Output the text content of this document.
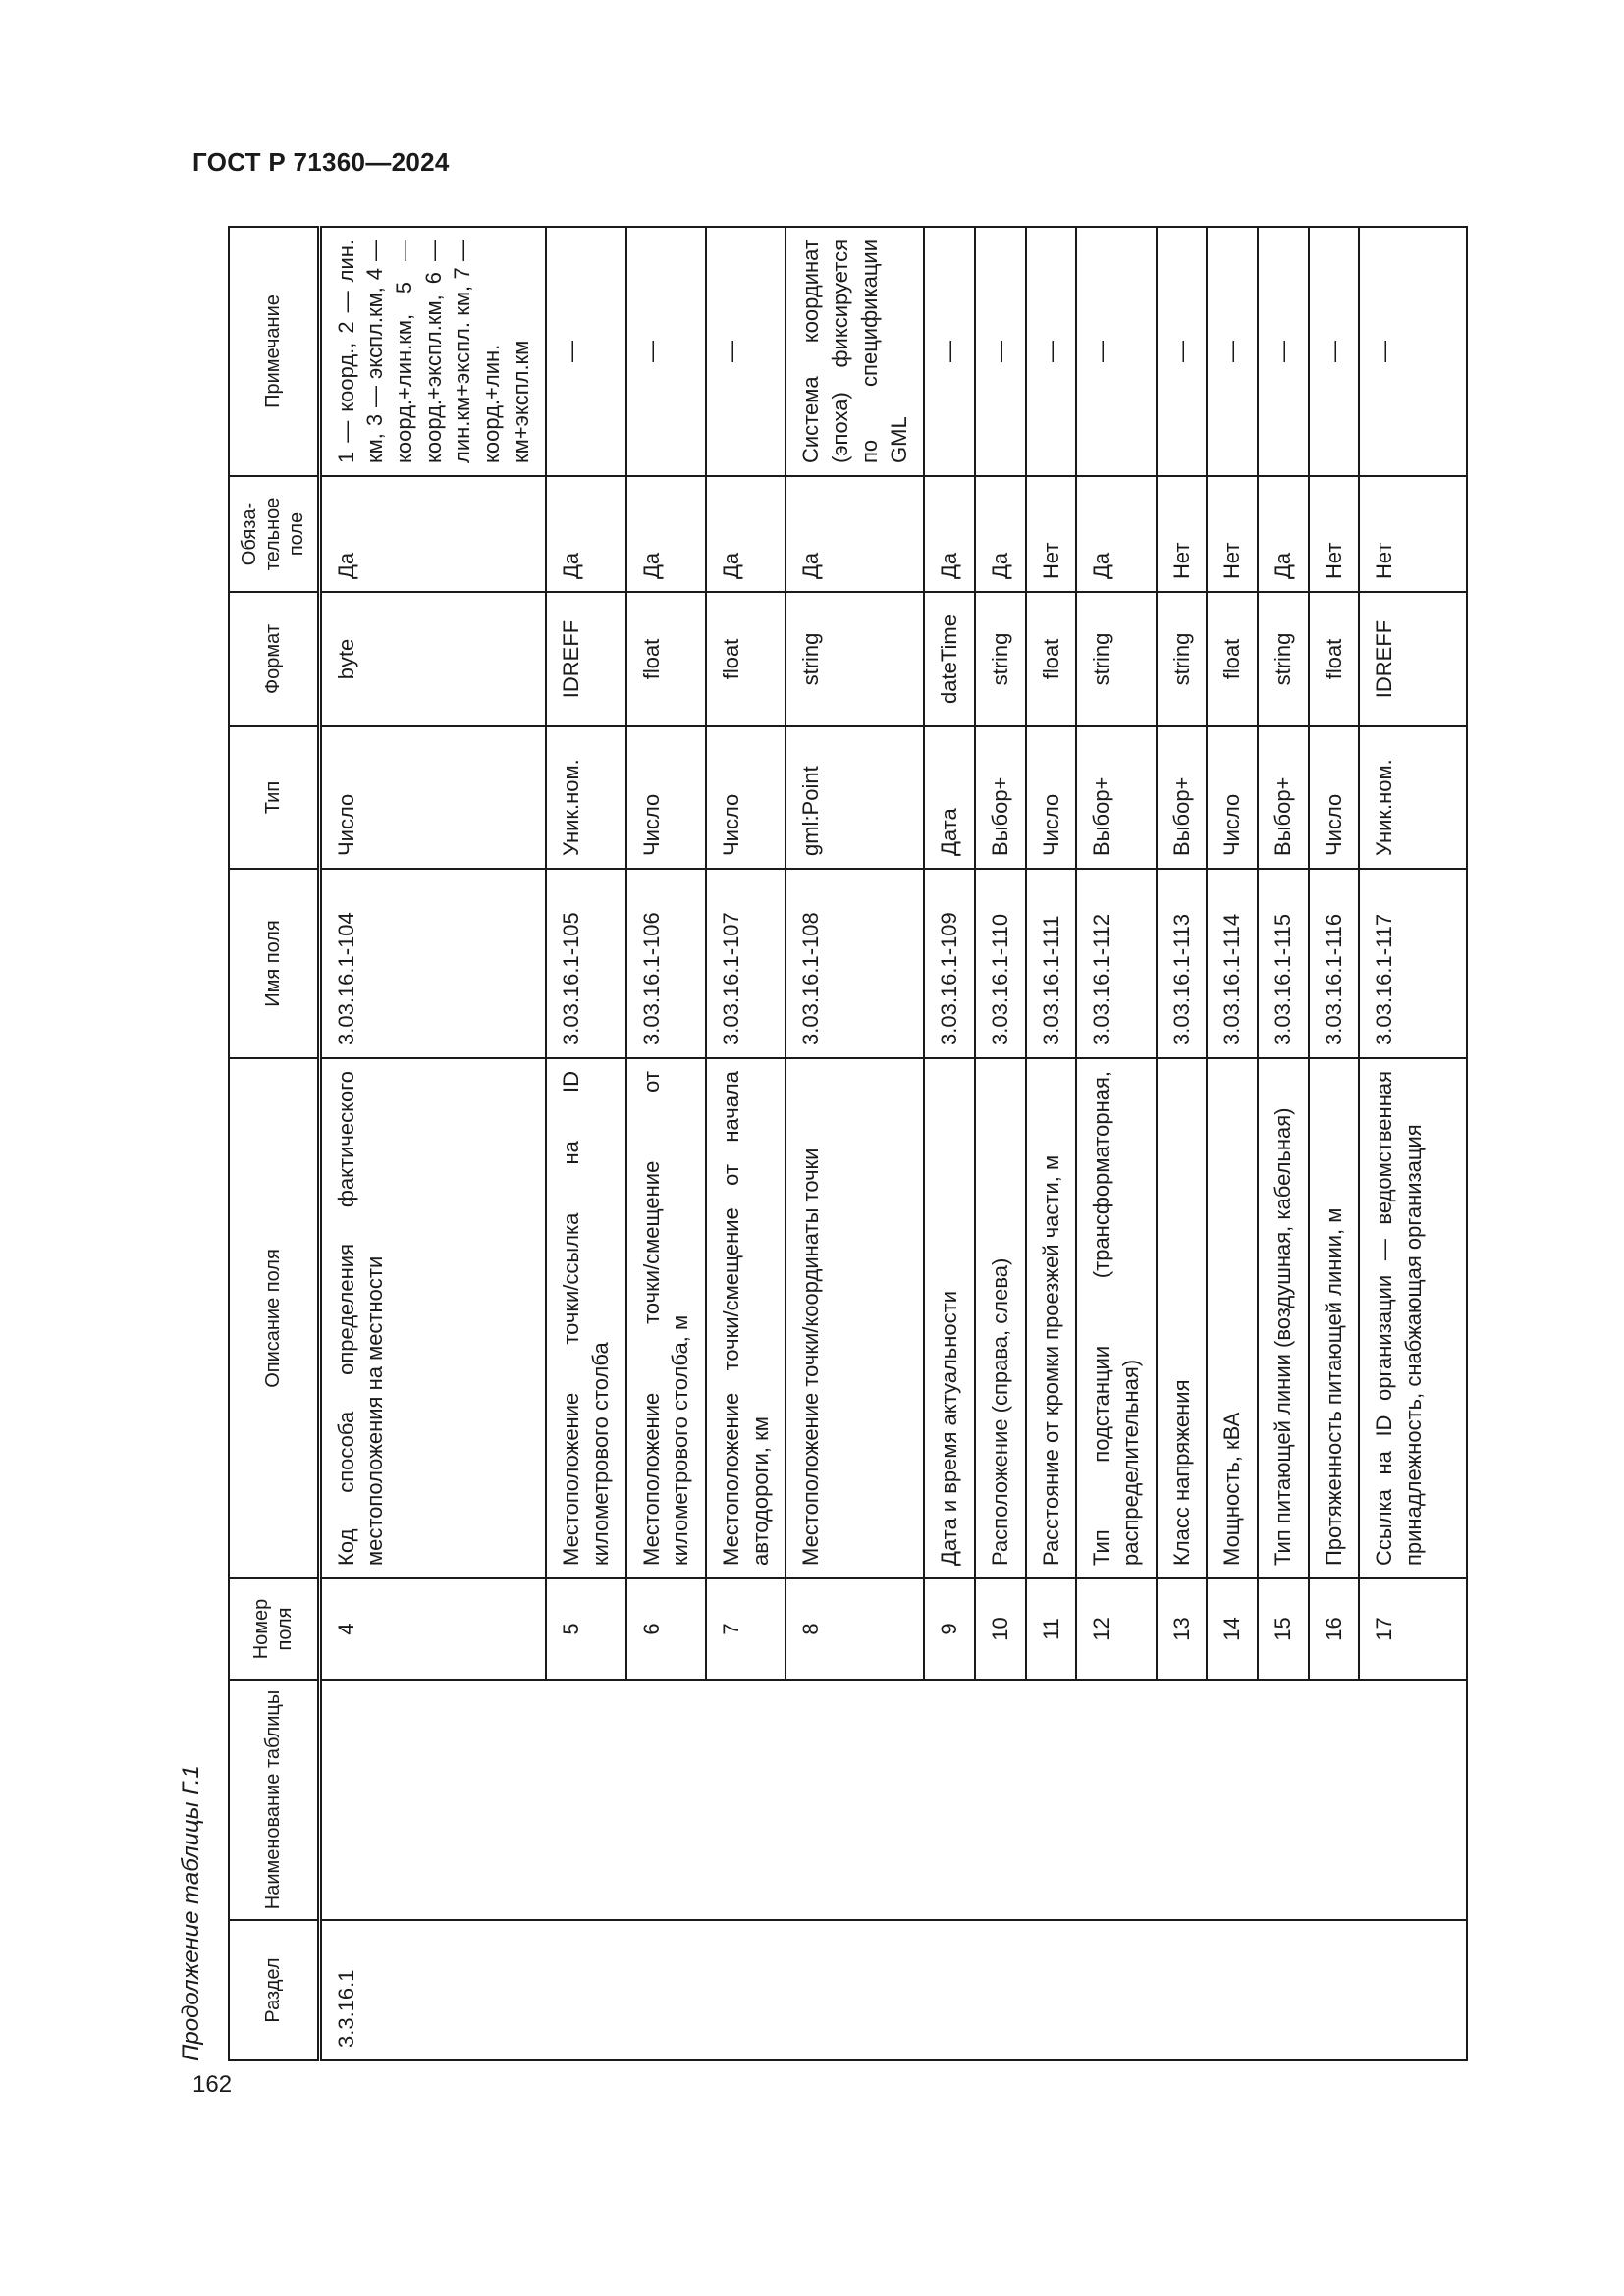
ГОСТ Р 71360—2024
162
Продолжение таблицы Г.1	Раздел	Наименование таблицы	Номер поля	Описание поля	Имя поля	Тип	Формат	Обяза-тельное поле	Примечание
3.3.16.1		4	Код способа определения фактического местоположения на местности	3.03.16.1-104	Число	byte	Да	1 — коорд., 2 — лин. км, 3 — экспл.км, 4 — коорд.+лин.км, 5 — коорд.+экспл.км, 6 — лин.км+экспл. км, 7 — коорд.+лин. км+экспл.км
		5	Местоположение точки/ссылка на ID километрового столба	3.03.16.1-105	Уник.ном.	IDREFF	Да	—
		6	Местоположение точки/смещение от километрового столба, м	3.03.16.1-106	Число	float	Да	—
		7	Местоположение точки/смещение от начала автодороги, км	3.03.16.1-107	Число	float	Да	—
		8	Местоположение точки/координаты точки	3.03.16.1-108	gml:Point	string	Да	Система координат (эпоха) фиксируется по спецификации GML
		9	Дата и время актуальности	3.03.16.1-109	Дата	dateTime	Да	—
		10	Расположение (справа, слева)	3.03.16.1-110	Выбор+	string	Да	—
		11	Расстояние от кромки проезжей части, м	3.03.16.1-111	Число	float	Нет	—
		12	Тип подстанции (трансформаторная, распределительная)	3.03.16.1-112	Выбор+	string	Да	—
		13	Класс напряжения	3.03.16.1-113	Выбор+	string	Нет	—
		14	Мощность, кВА	3.03.16.1-114	Число	float	Нет	—
		15	Тип питающей линии (воздушная, кабельная)	3.03.16.1-115	Выбор+	string	Да	—
		16	Протяженность питающей линии, м	3.03.16.1-116	Число	float	Нет	—
		17	Ссылка на ID организации — ведомственная принадлежность, снабжающая организация	3.03.16.1-117	Уник.ном.	IDREFF	Нет	—
